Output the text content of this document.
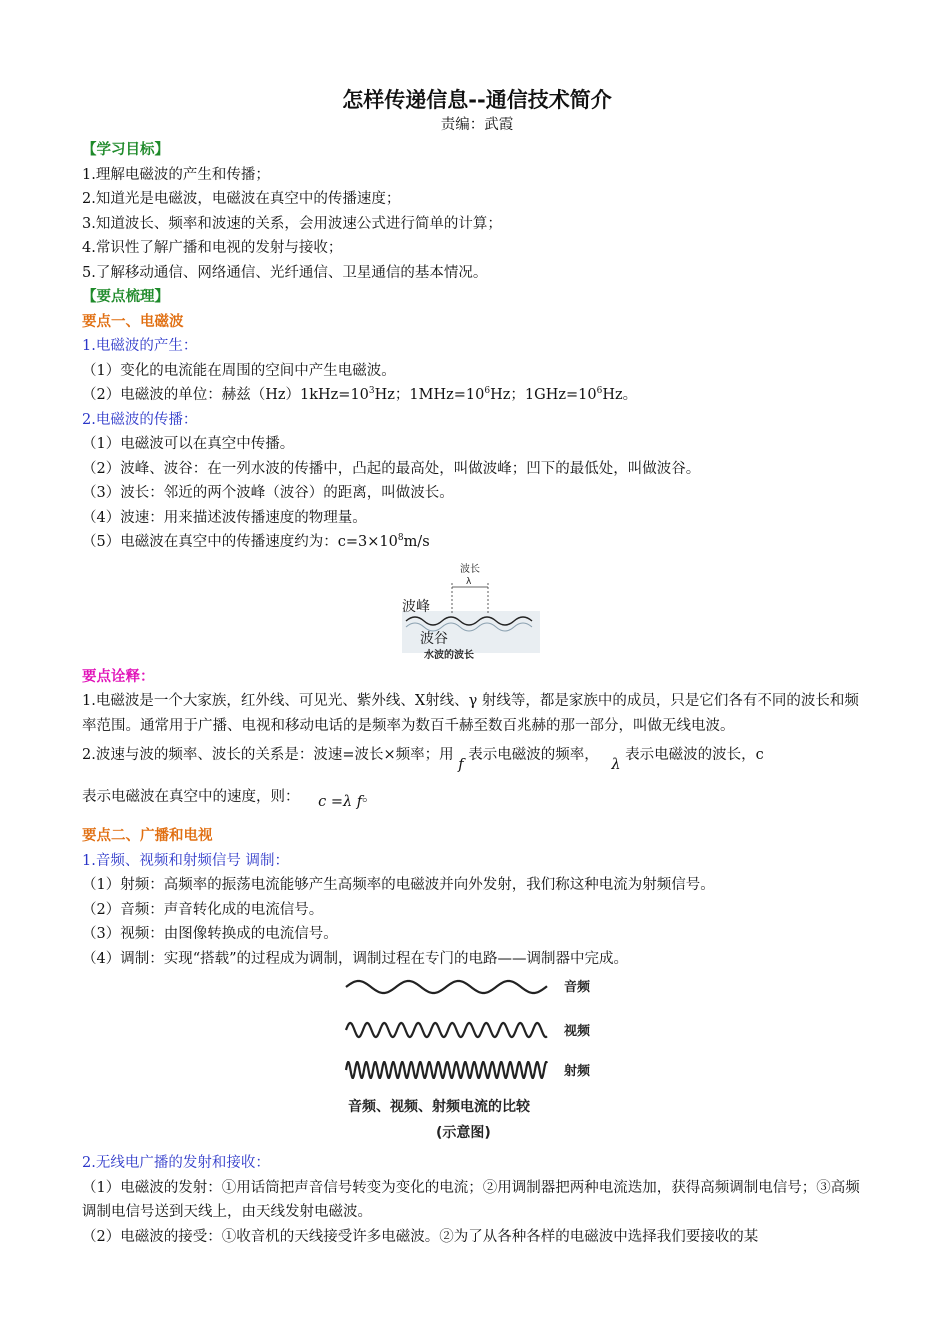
怎样传递信息--通信技术简介
责编：武霞
【学习目标】
1.理解电磁波的产生和传播；
2.知道光是电磁波，电磁波在真空中的传播速度；
3.知道波长、频率和波速的关系，会用波速公式进行简单的计算；
4.常识性了解广播和电视的发射与接收；
5.了解移动通信、网络通信、光纤通信、卫星通信的基本情况。
【要点梳理】
要点一、电磁波
1.电磁波的产生：
（1）变化的电流能在周围的空间中产生电磁波。
（2）电磁波的单位：赫兹$(Hz)1kHz=10^3Hz$；$1MHz=10^6Hz$；$1GHz=10^6Hz$。
2.电磁波的传播：
（1）电磁波可以在真空中传播。
（2）波峰、波谷：在一列水波的传播中，凸起的最高处，叫做波峰；凹下的最低处，叫做波谷。
（3）波长：邻近的两个波峰（波谷）的距离，叫做波长。
（4）波速：用来描述波传播速度的物理量。
（5）电磁波在真空中的传播速度约为：$c=3\times 10^8m/s$
波长
λ
波峰
波谷
水波的波长
要点诠释：
1.电磁波是一个大家族，红外线、可见光、紫外线、X射线、γ 射线等，都是家族中的成员，只是它们各有不同的波长和频率范围。通常用于广播、电视和移动电话的是频率为数百千赫至数百兆赫的那一部分，叫做无线电波。
2.波速与波的频率、波长的关系是：波速=波长×频率；用 f 表示电磁波的频率， λ 表示电磁波的波长，c
表示电磁波在真空中的速度，则： c =λ f。
要点二、广播和电视
1.音频、视频和射频信号 调制：
（1）射频：高频率的振荡电流能够产生高频率的电磁波并向外发射，我们称这种电流为射频信号。
（2）音频：声音转化成的电流信号。
（3）视频：由图像转换成的电流信号。
（4）调制：实现“搭载”的过程成为调制，调制过程在专门的电路——调制器中完成。
音频
视频
射频
音频、视频、射频电流的比较
(示意图)
2.无线电广播的发射和接收：
（1）电磁波的发射：①用话筒把声音信号转变为变化的电流；②用调制器把两种电流迭加，获得高频调制电信号；③高频调制电信号送到天线上，由天线发射电磁波。
（2）电磁波的接受：①收音机的天线接受许多电磁波。②为了从各种各样的电磁波中选择我们要接收的某
